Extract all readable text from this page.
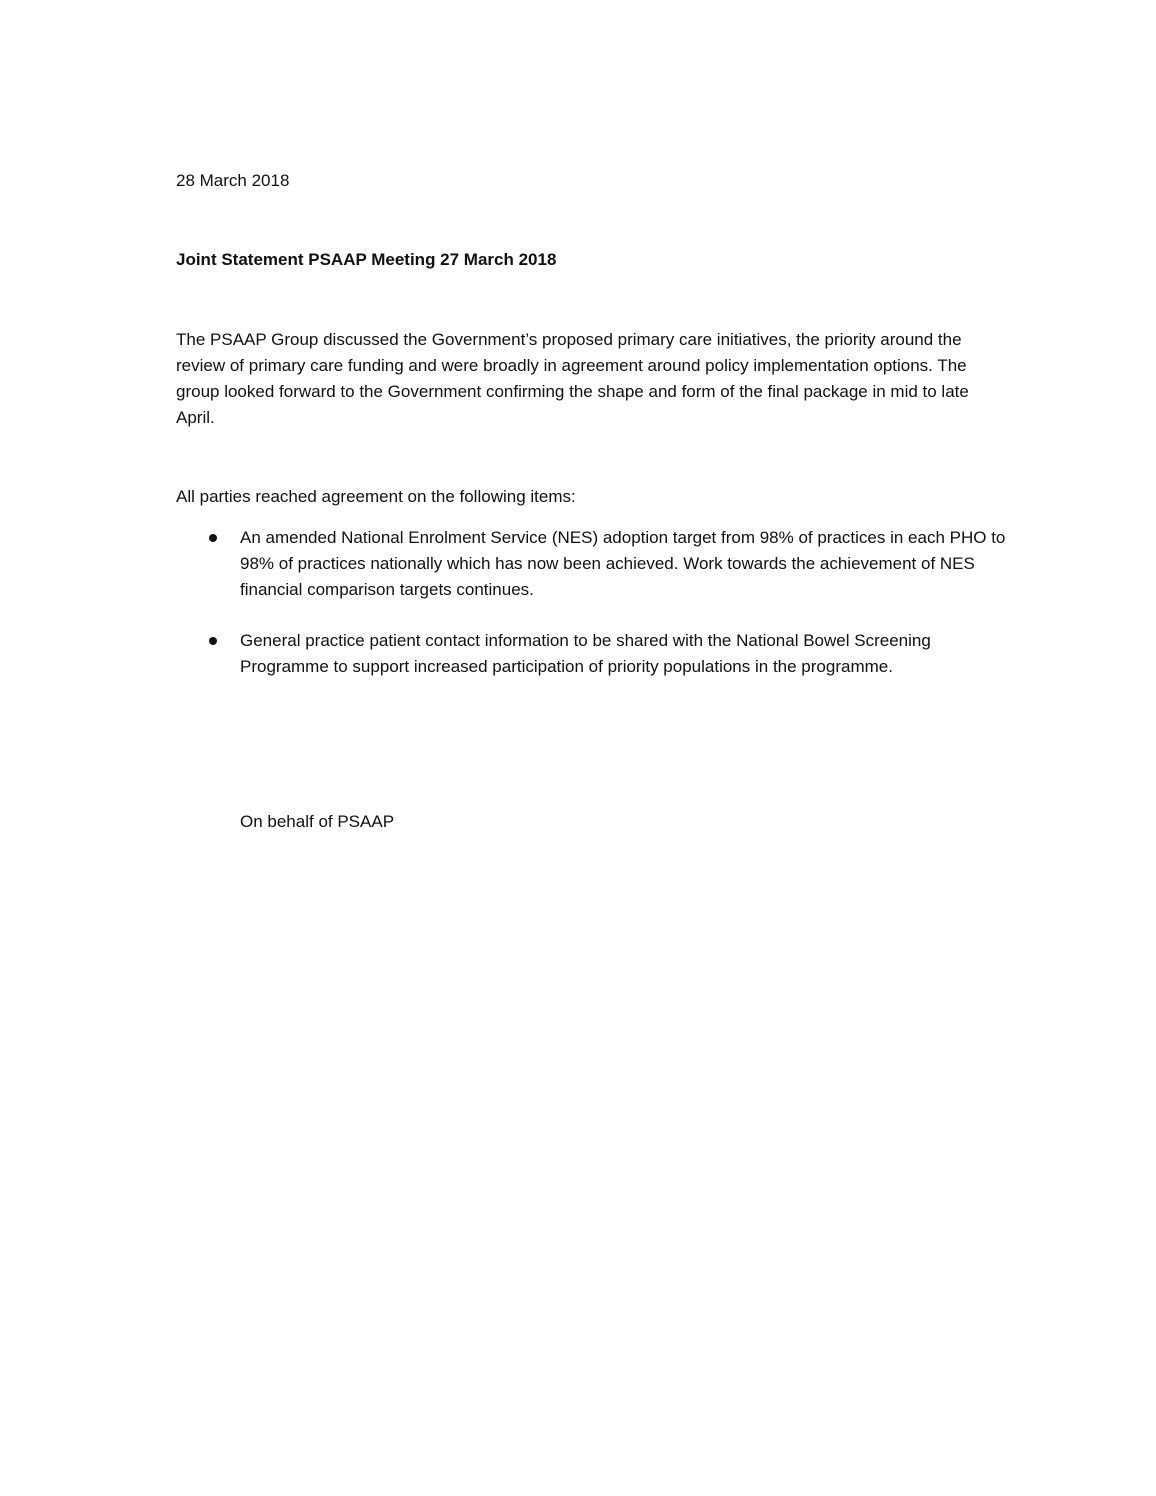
28 March 2018
Joint Statement PSAAP Meeting 27 March 2018
The PSAAP Group discussed the Government’s proposed primary care initiatives, the priority around the review of primary care funding and were broadly in agreement around policy implementation options. The group looked forward to the Government confirming the shape and form of the final package in mid to late April.
All parties reached agreement on the following items:
An amended National Enrolment Service (NES) adoption target from 98% of practices in each PHO to 98% of practices nationally which has now been achieved. Work towards the achievement of NES financial comparison targets continues.
General practice patient contact information to be shared with the National Bowel Screening Programme to support increased participation of priority populations in the programme.
On behalf of PSAAP
